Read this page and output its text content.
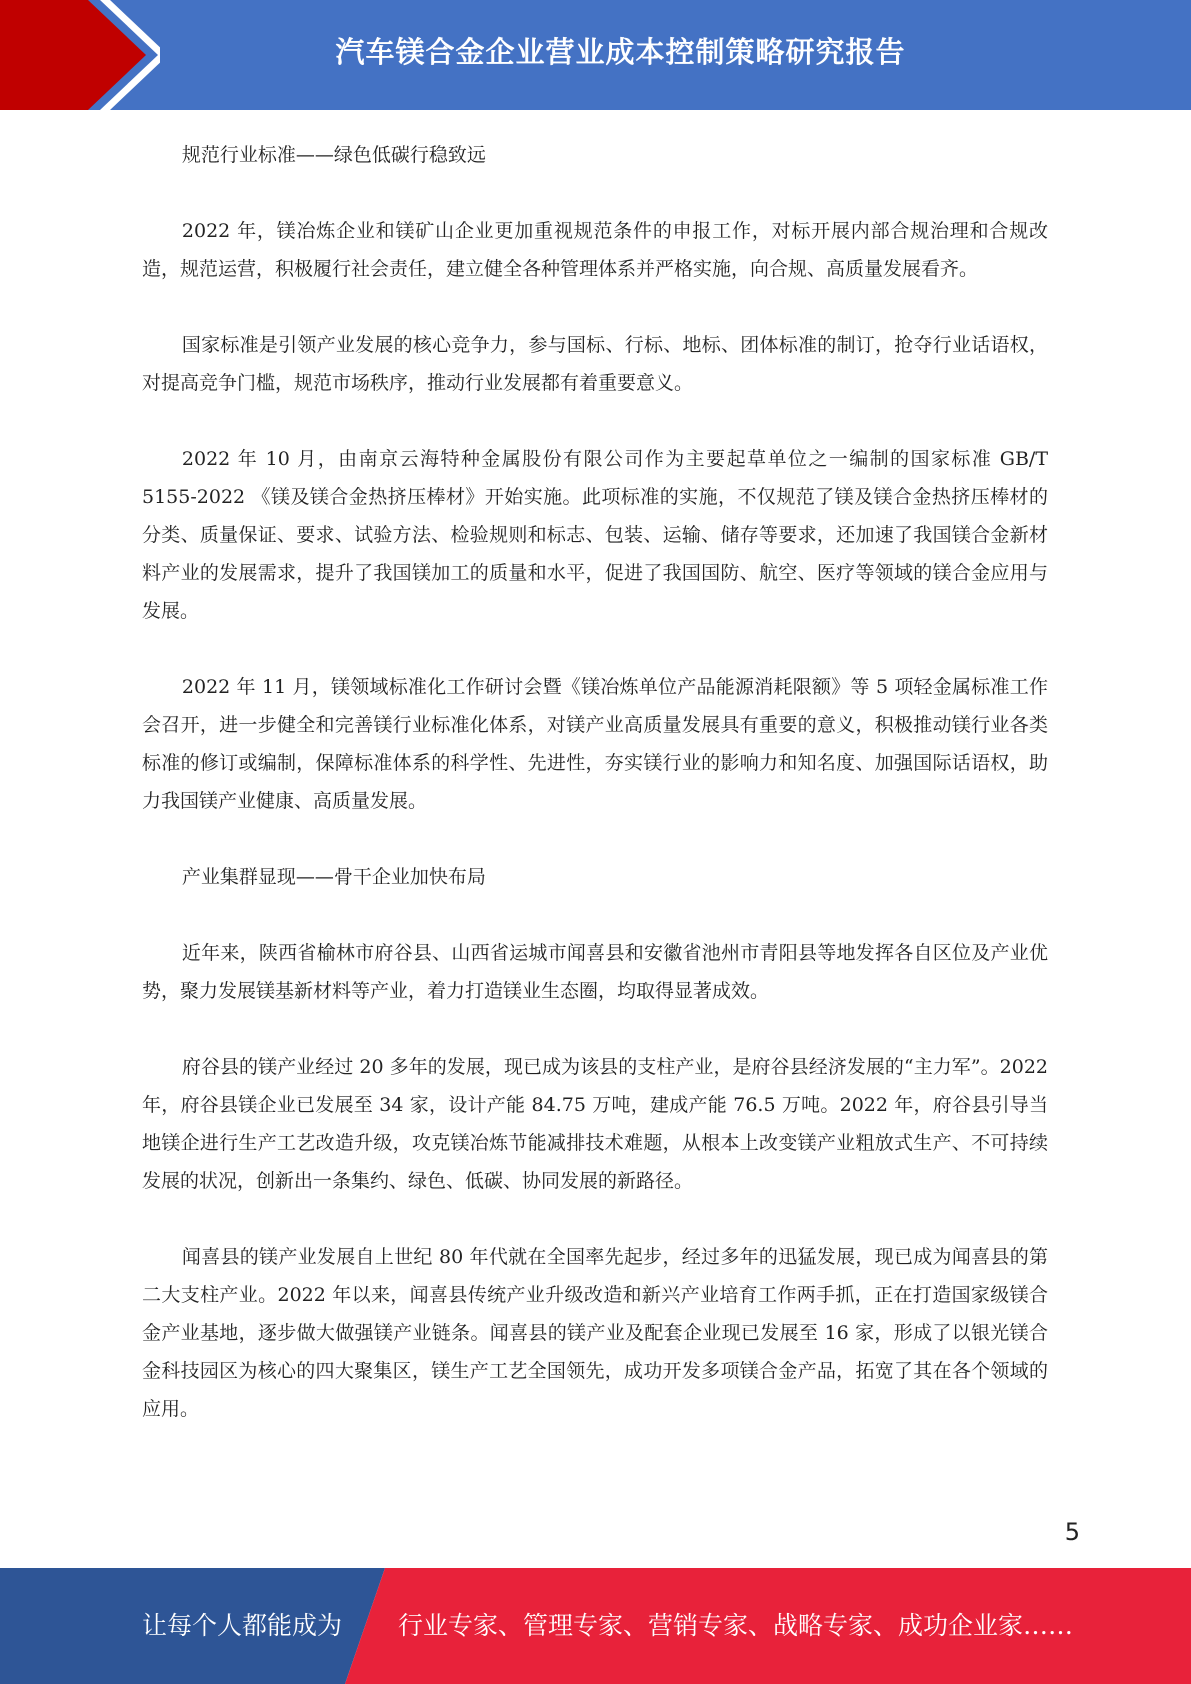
汽车镁合金企业营业成本控制策略研究报告

规范行业标准——绿色低碳行稳致远

2022 年，镁冶炼企业和镁矿山企业更加重视规范条件的申报工作，对标开展内部合规治理和合规改造，规范运营，积极履行社会责任，建立健全各种管理体系并严格实施，向合规、高质量发展看齐。

国家标准是引领产业发展的核心竞争力，参与国标、行标、地标、团体标准的制订，抢夺行业话语权，对提高竞争门槛，规范市场秩序，推动行业发展都有着重要意义。

2022 年 10 月，由南京云海特种金属股份有限公司作为主要起草单位之一编制的国家标准 GB/T 5155-2022 《镁及镁合金热挤压棒材》开始实施。此项标准的实施，不仅规范了镁及镁合金热挤压棒材的分类、质量保证、要求、试验方法、检验规则和标志、包装、运输、储存等要求，还加速了我国镁合金新材料产业的发展需求，提升了我国镁加工的质量和水平，促进了我国国防、航空、医疗等领域的镁合金应用与发展。

2022 年 11 月，镁领域标准化工作研讨会暨《镁冶炼单位产品能源消耗限额》等 5 项轻金属标准工作会召开，进一步健全和完善镁行业标准化体系，对镁产业高质量发展具有重要的意义，积极推动镁行业各类标准的修订或编制，保障标准体系的科学性、先进性，夯实镁行业的影响力和知名度、加强国际话语权，助力我国镁产业健康、高质量发展。

产业集群显现——骨干企业加快布局

近年来，陕西省榆林市府谷县、山西省运城市闻喜县和安徽省池州市青阳县等地发挥各自区位及产业优势，聚力发展镁基新材料等产业，着力打造镁业生态圈，均取得显著成效。

府谷县的镁产业经过 20 多年的发展，现已成为该县的支柱产业，是府谷县经济发展的“主力军”。2022 年，府谷县镁企业已发展至 34 家，设计产能 84.75 万吨，建成产能 76.5 万吨。2022 年，府谷县引导当地镁企进行生产工艺改造升级，攻克镁冶炼节能减排技术难题，从根本上改变镁产业粗放式生产、不可持续发展的状况，创新出一条集约、绿色、低碳、协同发展的新路径。

闻喜县的镁产业发展自上世纪 80 年代就在全国率先起步，经过多年的迅猛发展，现已成为闻喜县的第二大支柱产业。2022 年以来，闻喜县传统产业升级改造和新兴产业培育工作两手抓，正在打造国家级镁合金产业基地，逐步做大做强镁产业链条。闻喜县的镁产业及配套企业现已发展至 16 家，形成了以银光镁合金科技园区为核心的四大聚集区，镁生产工艺全国领先，成功开发多项镁合金产品，拓宽了其在各个领域的应用。

5
让每个人都能成为 行业专家、管理专家、营销专家、战略专家、成功企业家……
